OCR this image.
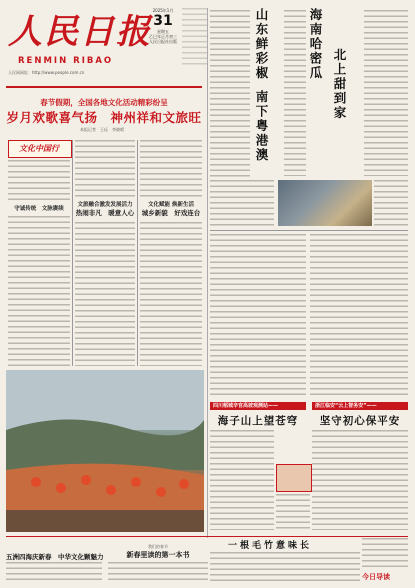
人民日报
RENMIN RIBAO
人民网网址：http://www.people.com.cn
2025年1月
31
星期五
乙巳年正月初三
人民日报社出版
春节假期，全国各地文化活动精彩纷呈
岁月欢歌喜气扬　神州祥和文旅旺
本报记者　王珏　李晓晴
文化中国行
守诚传统　文脉赓续
文旅融合激发发展活力
热闹非凡　暖意人心
文化赋能 焕新生活
城乡新貌　好戏连台
山东鲜彩椒
南下粤港澳
海南哈密瓜
北上甜到家
四川稻城辛官高坡观测站——
海子山上望苍穹
浙江临安“云上智务安”——
坚守初心保平安
五洲四海庆新春　中华文化颗魅力
我们的春节
新春里读的第一本书
一根毛竹意味长
今日导读
